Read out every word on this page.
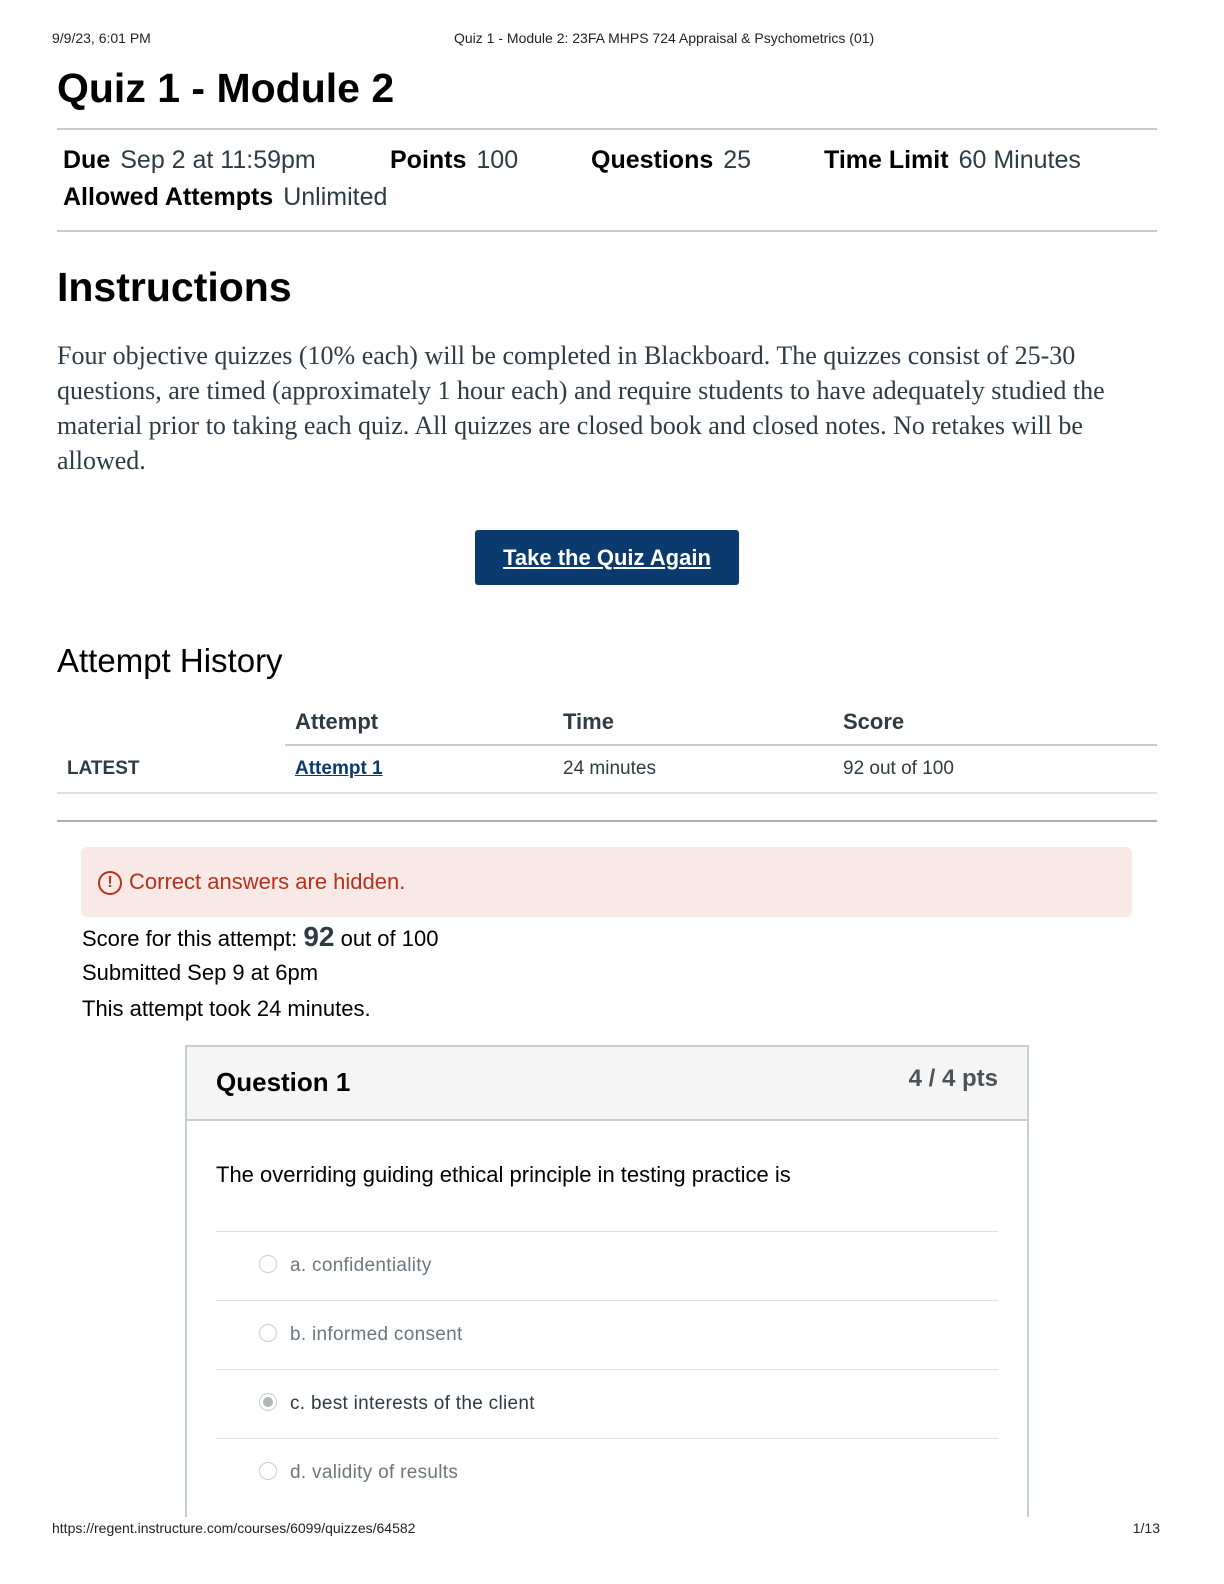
9/9/23, 6:01 PM	Quiz 1 - Module 2: 23FA MHPS 724 Appraisal & Psychometrics (01)
Quiz 1 - Module 2
Due Sep 2 at 11:59pm	Points 100	Questions 25	Time Limit 60 Minutes
Allowed Attempts Unlimited
Instructions

Four objective quizzes (10% each) will be completed in Blackboard. The quizzes consist of 25-30 questions, are timed (approximately 1 hour each) and require students to have adequately studied the material prior to taking each quiz. All quizzes are closed book and closed notes. No retakes will be allowed.

Take the Quiz Again
Attempt History
	Attempt	Time	Score
LATEST	Attempt 1	24 minutes	92 out of 100
! Correct answers are hidden.
Score for this attempt: 92 out of 100
Submitted Sep 9 at 6pm
This attempt took 24 minutes.
Question 1	4 / 4 pts
The overriding guiding ethical principle in testing practice is
a. confidentiality
b. informed consent
c. best interests of the client
d. validity of results
https://regent.instructure.com/courses/6099/quizzes/64582	1/13
